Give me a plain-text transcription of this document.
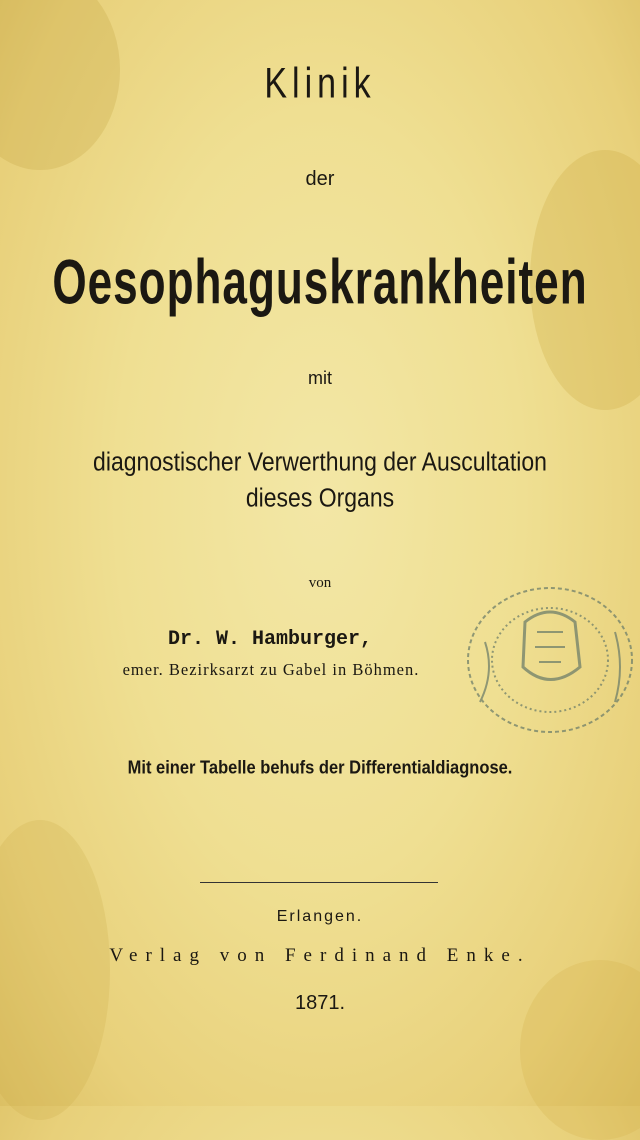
Klinik
der
Oesophaguskrankheiten
mit
diagnostischer Verwerthung der Auscultation
dieses Organs
von
Dr. W. Hamburger,
emer. Bezirksarzt zu Gabel in Böhmen.
Mit einer Tabelle behufs der Differentialdiagnose.
Erlangen.
Verlag von Ferdinand Enke.
1871.
